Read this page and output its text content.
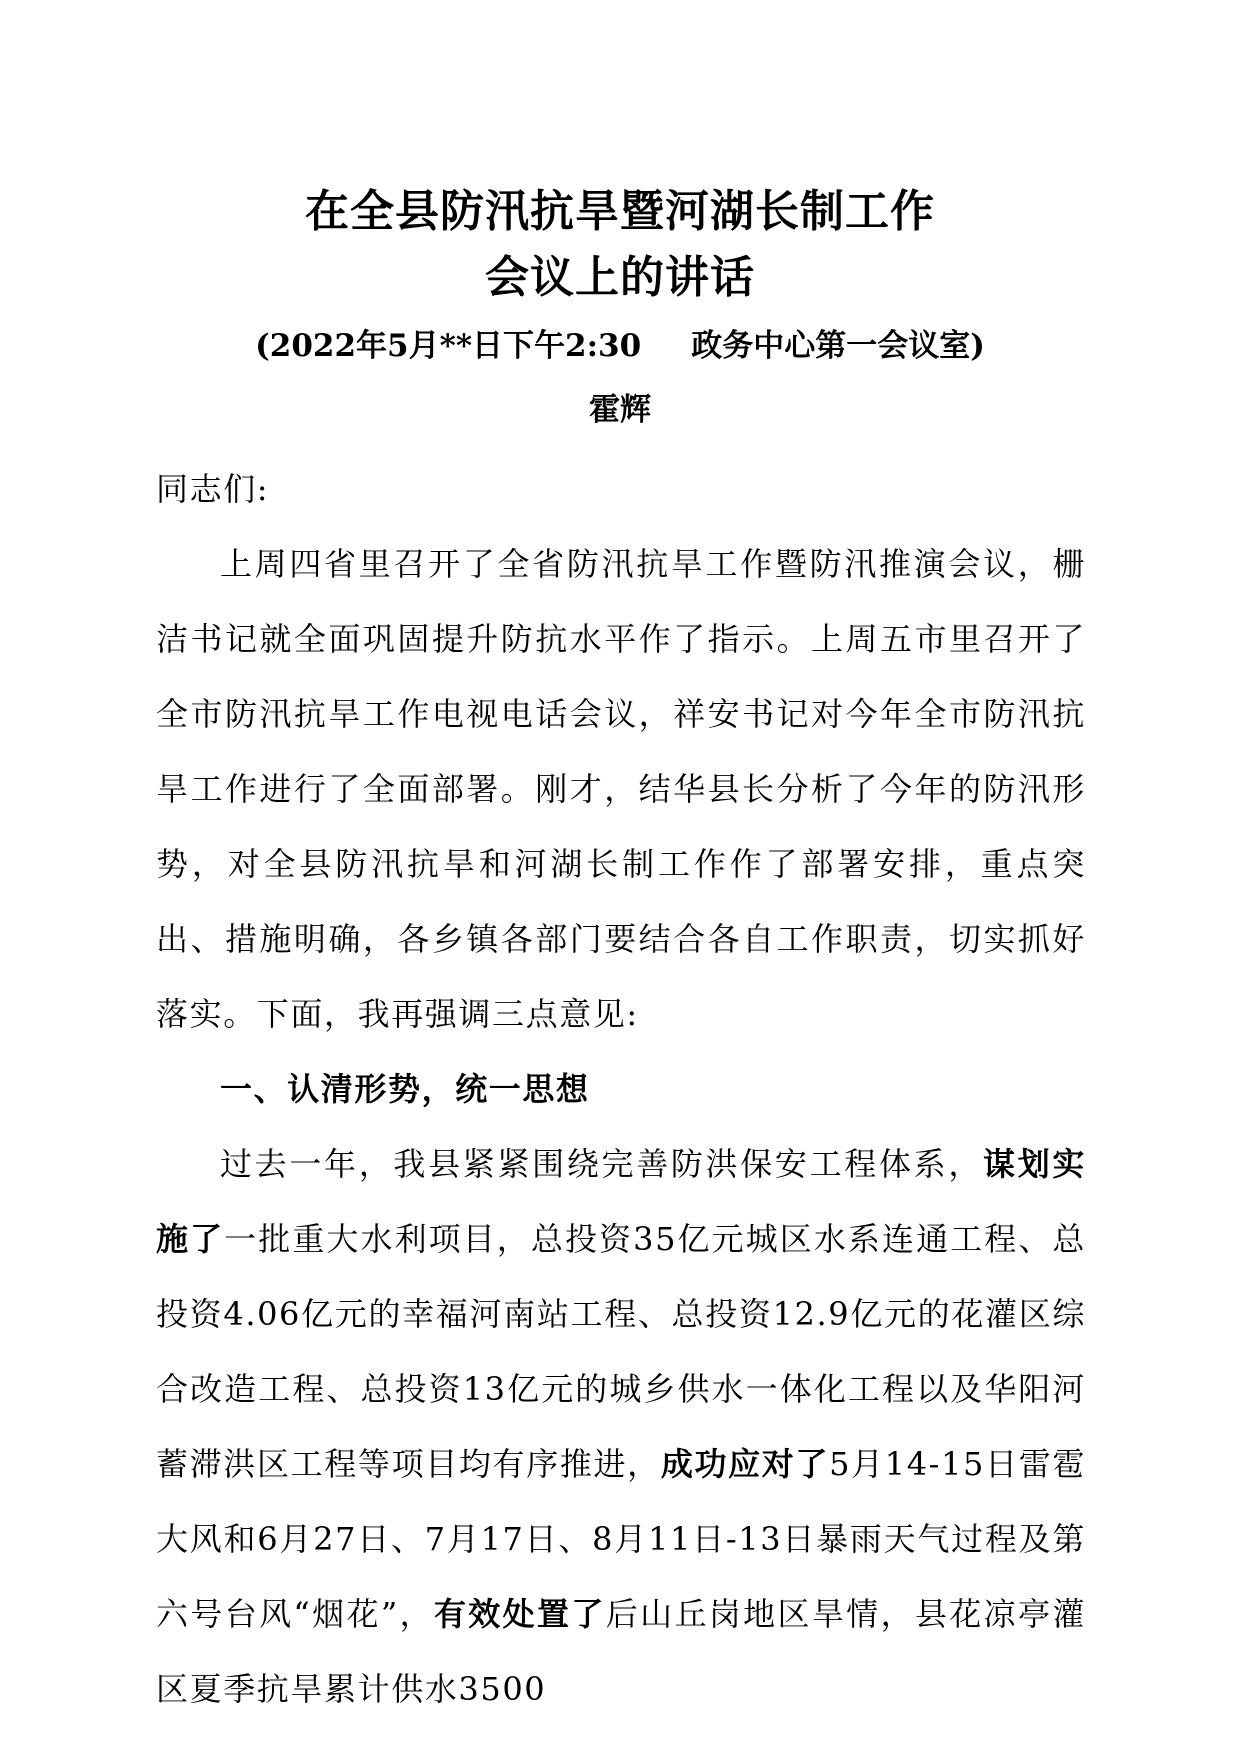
在全县防汛抗旱暨河湖长制工作
会议上的讲话
(2022年5月**日下午2:30 政务中心第一会议室)
霍辉

同志们:

上周四省里召开了全省防汛抗旱工作暨防汛推演会议，栅洁书记就全面巩固提升防抗水平作了指示。上周五市里召开了全市防汛抗旱工作电视电话会议，祥安书记对今年全市防汛抗旱工作进行了全面部署。刚才，结华县长分析了今年的防汛形势，对全县防汛抗旱和河湖长制工作作了部署安排，重点突出、措施明确，各乡镇各部门要结合各自工作职责，切实抓好落实。下面，我再强调三点意见:

一、认清形势，统一思想

过去一年，我县紧紧围绕完善防洪保安工程体系，谋划实施了一批重大水利项目，总投资35亿元城区水系连通工程、总投资4.06亿元的幸福河南站工程、总投资12.9亿元的花灌区综合改造工程、总投资13亿元的城乡供水一体化工程以及华阳河蓄滞洪区工程等项目均有序推进，成功应对了5月14-15日雷雹大风和6月27日、7月17日、8月11日-13日暴雨天气过程及第六号台风“烟花”，有效处置了后山丘岗地区旱情，县花凉亭灌区夏季抗旱累计供水3500
